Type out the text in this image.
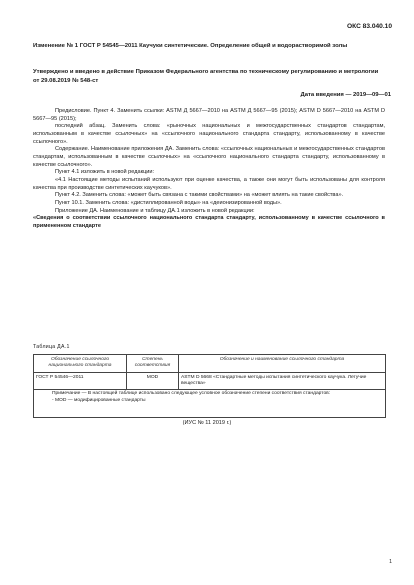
ОКС 83.040.10

Изменение № 1 ГОСТ Р 54545—2011 Каучуки синтетические. Определение общей и водорастворимой золы

Утверждено и введено в действие Приказом Федерального агентства по техническому регулированию и метрологии от 29.08.2019 № 548-ст

Дата введения — 2019—09—01

Предисловие. Пункт 4. Заменить ссылки: ASTM Д 5667—2010 на ASTM Д 5667—95 (2015); ASTM D 5667—2010 на ASTM D 5667—95 (2015);

последний абзац. Заменить слова: «рыночных национальных и межгосударственных стандартов стандартам, использованным в качестве ссылочных» на «ссылочного национального стандарта стандарту, использованному в качестве ссылочного».

Содержание. Наименование приложения ДА. Заменить слова: «ссылочных национальных и межгосударственных стандартов стандартам, использованным в качестве ссылочных» на «ссылочного национального стандарта стандарту, использованному в качестве ссылочного».

Пункт 4.1 изложить в новой редакции:

«4.1 Настоящие методы испытаний используют при оценке качества, а также они могут быть использованы для контроля качества при производстве синтетических каучуков».

Пункт 4.2. Заменить слова: «может быть связана с такими свойствами» на «может влиять на такие свойства».

Пункт 10.1. Заменить слова: «дистиллированной воды» на «деионизированной воды».

Приложение ДА. Наименование и таблицу ДА.1 изложить в новой редакции:

«Сведения о соответствии ссылочного национального стандарта стандарту, использованному в качестве ссылочного в примененном стандарте

Таблица ДА.1
Обозначение ссылочного национального стандарта	Степень соответствия	Обозначение и наименование ссылочного стандарта
ГОСТ Р 54546—2011	MOD	ASTM D 5668 «Стандартные методы испытания синтетического каучука. Летучие вещества»

Примечание — В настоящей таблице использовано следующее условное обозначение степени соответствия стандартов:
- MOD — модифицированные стандарты		
(ИУС № 11 2019 г.)
1
